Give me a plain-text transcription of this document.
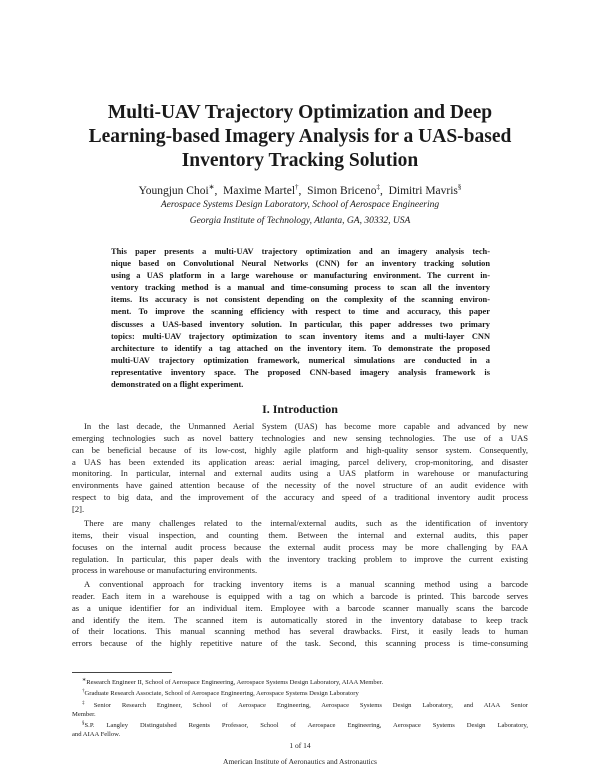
Multi-UAV Trajectory Optimization and Deep
Learning-based Imagery Analysis for a UAS-based
Inventory Tracking Solution
Youngjun Choi∗,  Maxime Martel†,  Simon Briceno‡,  Dimitri Mavris§
Aerospace Systems Design Laboratory, School of Aerospace Engineering
Georgia Institute of Technology, Atlanta, GA, 30332, USA
This paper presents a multi-UAV trajectory optimization and an imagery analysis tech-
nique based on Convolutional Neural Networks (CNN) for an inventory tracking solution
using a UAS platform in a large warehouse or manufacturing environment. The current in-
ventory tracking method is a manual and time-consuming process to scan all the inventory
items. Its accuracy is not consistent depending on the complexity of the scanning environ-
ment. To improve the scanning efficiency with respect to time and accuracy, this paper
discusses a UAS-based inventory solution. In particular, this paper addresses two primary
topics: multi-UAV trajectory optimization to scan inventory items and a multi-layer CNN
architecture to identify a tag attached on the inventory item. To demonstrate the proposed
multi-UAV trajectory optimization framework, numerical simulations are conducted in a
representative inventory space. The proposed CNN-based imagery analysis framework is
demonstrated on a flight experiment.
I. Introduction
In the last decade, the Unmanned Aerial System (UAS) has become more capable and advanced by new
emerging technologies such as novel battery technologies and new sensing technologies. The use of a UAS
can be beneficial because of its low-cost, highly agile platform and high-quality sensor system. Consequently,
a UAS has been extended its application areas: aerial imaging, parcel delivery, crop-monitoring, and disaster
monitoring. In particular, internal and external audits using a UAS platform in warehouse or manufacturing
environments have gained attention because of the necessity of the novel structure of an audit evidence with
respect to big data, and the improvement of the accuracy and speed of a traditional inventory audit process
[2].
There are many challenges related to the internal/external audits, such as the identification of inventory
items, their visual inspection, and counting them. Between the internal and external audits, this paper
focuses on the internal audit process because the external audit process may be more challenging by FAA
regulation. In particular, this paper deals with the inventory tracking problem to improve the current existing
process in warehouse or manufacturing environments.
A conventional approach for tracking inventory items is a manual scanning method using a barcode
reader. Each item in a warehouse is equipped with a tag on which a barcode is printed. This barcode serves
as a unique identifier for an individual item. Employee with a barcode scanner manually scans the barcode
and identify the item. The scanned item is automatically stored in the inventory database to keep track
of their locations. This manual scanning method has several drawbacks. First, it easily leads to human
errors because of the highly repetitive nature of the task. Second, this scanning process is time-consuming
∗Research Engineer II, School of Aerospace Engineering, Aerospace Systems Design Laboratory, AIAA Member.
†Graduate Research Associate, School of Aerospace Engineering, Aerospace Systems Design Laboratory
‡Senior Research Engineer, School of Aerospace Engineering, Aerospace Systems Design Laboratory, and AIAA Senior
Member.
§S.P. Langley Distinguished Regents Professor, School of Aerospace Engineering, Aerospace Systems Design Laboratory,
and AIAA Fellow.
1 of 14
American Institute of Aeronautics and Astronautics
